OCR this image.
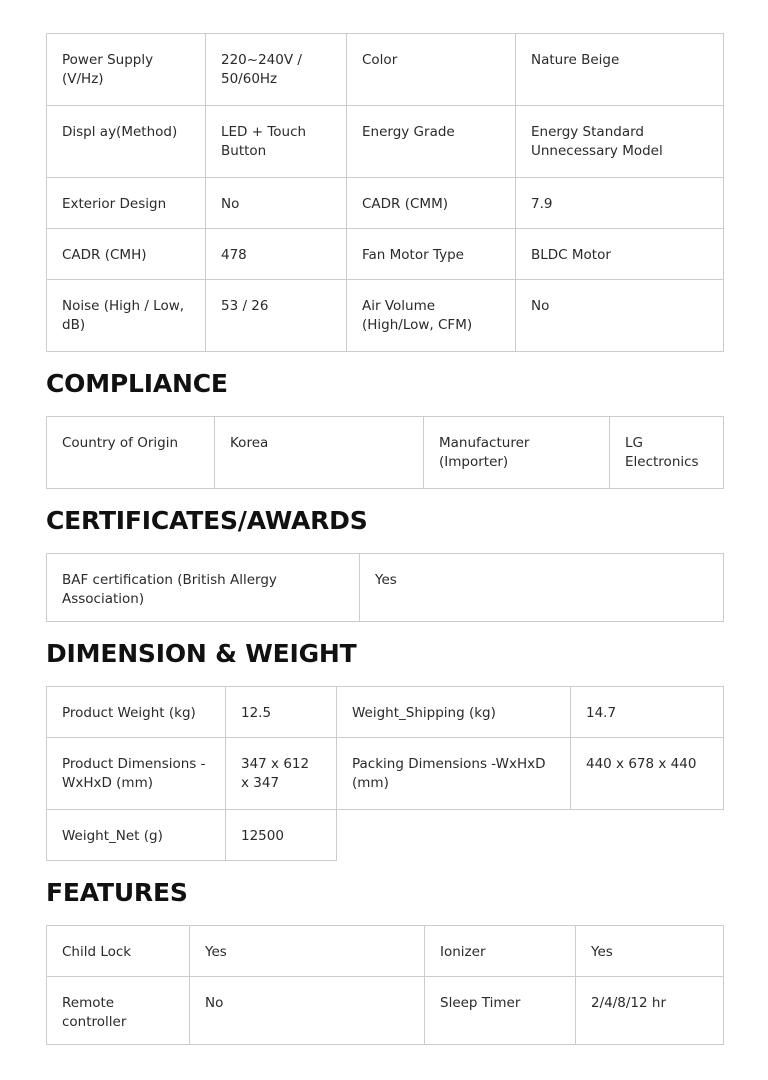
Power Supply (V/Hz)	220~240V / 50/60Hz	Color	Nature Beige
Displ ay(Method)	LED + Touch Button	Energy Grade	Energy Standard Unnecessary Model
Exterior Design	No	CADR (CMM)	7.9
CADR (CMH)	478	Fan Motor Type	BLDC Motor
Noise (High / Low, dB)	53 / 26	Air Volume (High/Low, CFM)	No
COMPLIANCE
Country of Origin	Korea	Manufacturer (Importer)	LG Electronics
CERTIFICATES/AWARDS
BAF certification (British Allergy Association)	Yes
DIMENSION & WEIGHT
Product Weight (kg)	12.5	Weight_Shipping (kg)	14.7
Product Dimensions - WxHxD (mm)	347 x 612 x 347	Packing Dimensions -WxHxD (mm)	440 x 678 x 440
Weight_Net (g)	12500		
FEATURES
Child Lock	Yes	Ionizer	Yes
Remote controller	No	Sleep Timer	2/4/8/12 hr
